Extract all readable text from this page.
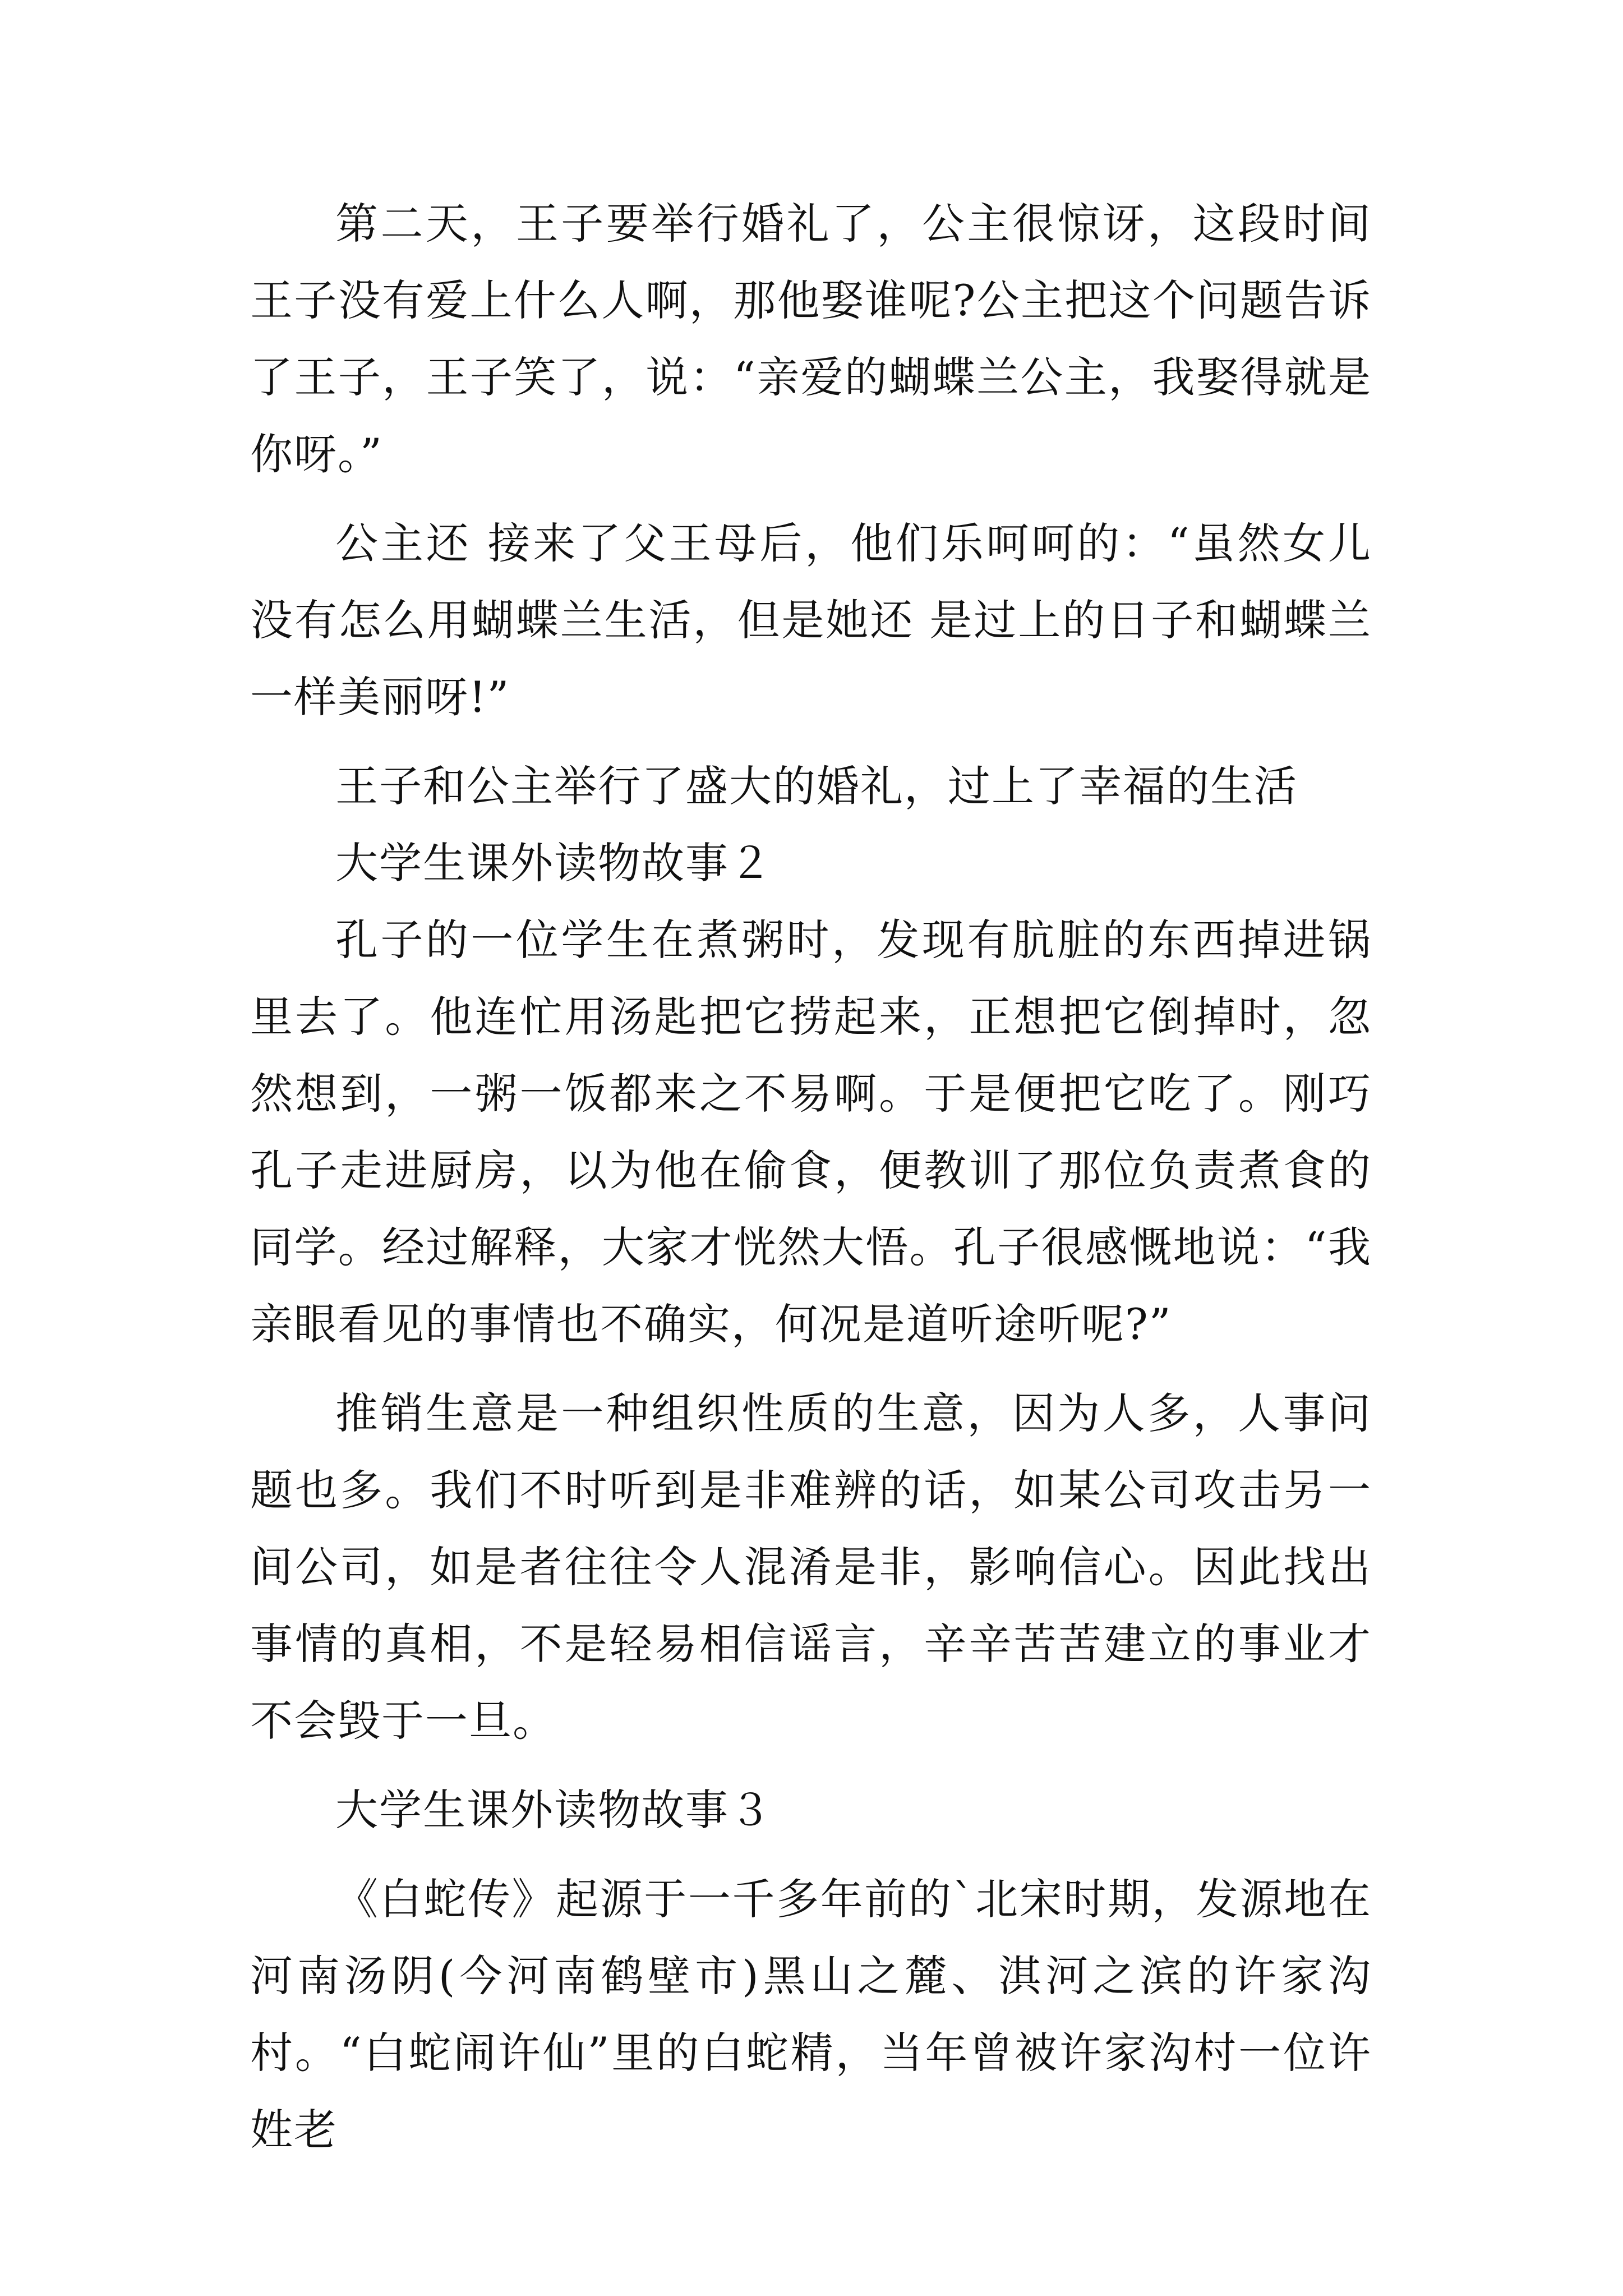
第二天，王子要举行婚礼了，公主很惊讶，这段时间王子没有爱上什么人啊，那他娶谁呢?公主把这个问题告诉了王子，王子笑了，说：“亲爱的蝴蝶兰公主，我娶得就是你呀。”

公主还 接来了父王母后，他们乐呵呵的：“虽然女儿没有怎么用蝴蝶兰生活，但是她还 是过上的日子和蝴蝶兰一样美丽呀!”

王子和公主举行了盛大的婚礼，过上了幸福的生活

大学生课外读物故事２

孔子的一位学生在煮粥时，发现有肮脏的东西掉进锅里去了。他连忙用汤匙把它捞起来，正想把它倒掉时，忽然想到，一粥一饭都来之不易啊。于是便把它吃了。刚巧孔子走进厨房，以为他在偷食，便教训了那位负责煮食的同学。经过解释，大家才恍然大悟。孔子很感慨地说：“我亲眼看见的事情也不确实，何况是道听途听呢?”

推销生意是一种组织性质的生意，因为人多，人事问题也多。我们不时听到是非难辨的话，如某公司攻击另一间公司，如是者往往令人混淆是非，影响信心。因此找出事情的真相，不是轻易相信谣言，辛辛苦苦建立的事业才不会毁于一旦。

大学生课外读物故事３

《白蛇传》起源于一千多年前的`北宋时期，发源地在河南汤阴(今河南鹤壁市)黑山之麓、淇河之滨的许家沟村。“白蛇闹许仙”里的白蛇精，当年曾被许家沟村一位许姓老
